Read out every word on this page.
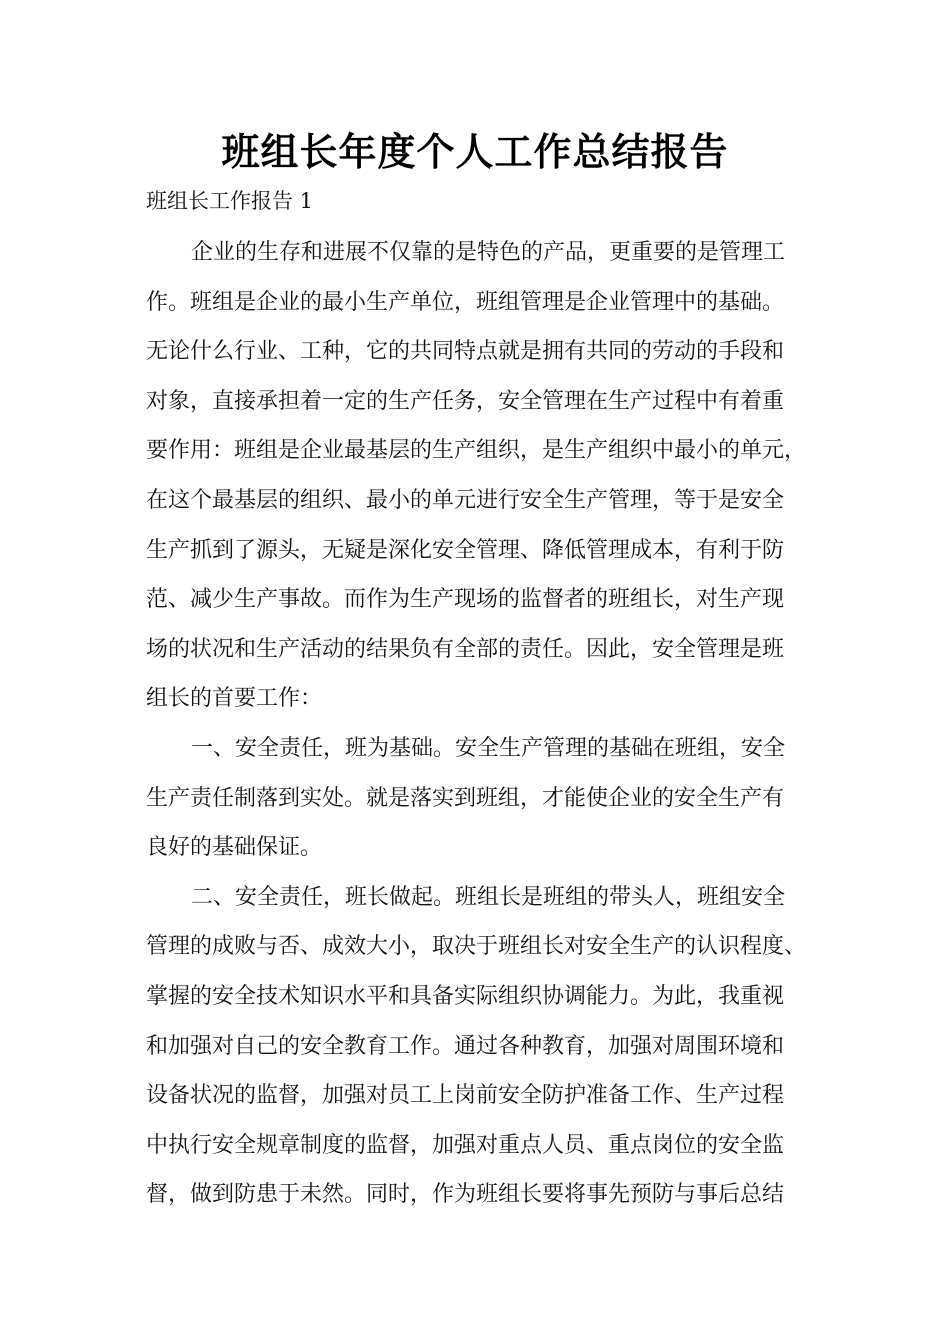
班组长年度个人工作总结报告

班组长工作报告 1

企业的生存和进展不仅靠的是特色的产品，更重要的是管理工
作。班组是企业的最小生产单位，班组管理是企业管理中的基础。
无论什么行业、工种，它的共同特点就是拥有共同的劳动的手段和
对象，直接承担着一定的生产任务，安全管理在生产过程中有着重
要作用：班组是企业最基层的生产组织，是生产组织中最小的单元，
在这个最基层的组织、最小的单元进行安全生产管理，等于是安全
生产抓到了源头，无疑是深化安全管理、降低管理成本，有利于防
范、减少生产事故。而作为生产现场的监督者的班组长，对生产现
场的状况和生产活动的结果负有全部的责任。因此，安全管理是班
组长的首要工作：
一、安全责任，班为基础。安全生产管理的基础在班组，安全
生产责任制落到实处。就是落实到班组，才能使企业的安全生产有
良好的基础保证。
二、安全责任，班长做起。班组长是班组的带头人，班组安全
管理的成败与否、成效大小，取决于班组长对安全生产的认识程度、
掌握的安全技术知识水平和具备实际组织协调能力。为此，我重视
和加强对自己的安全教育工作。通过各种教育，加强对周围环境和
设备状况的监督，加强对员工上岗前安全防护准备工作、生产过程
中执行安全规章制度的监督，加强对重点人员、重点岗位的安全监
督，做到防患于未然。同时，作为班组长要将事先预防与事后总结
